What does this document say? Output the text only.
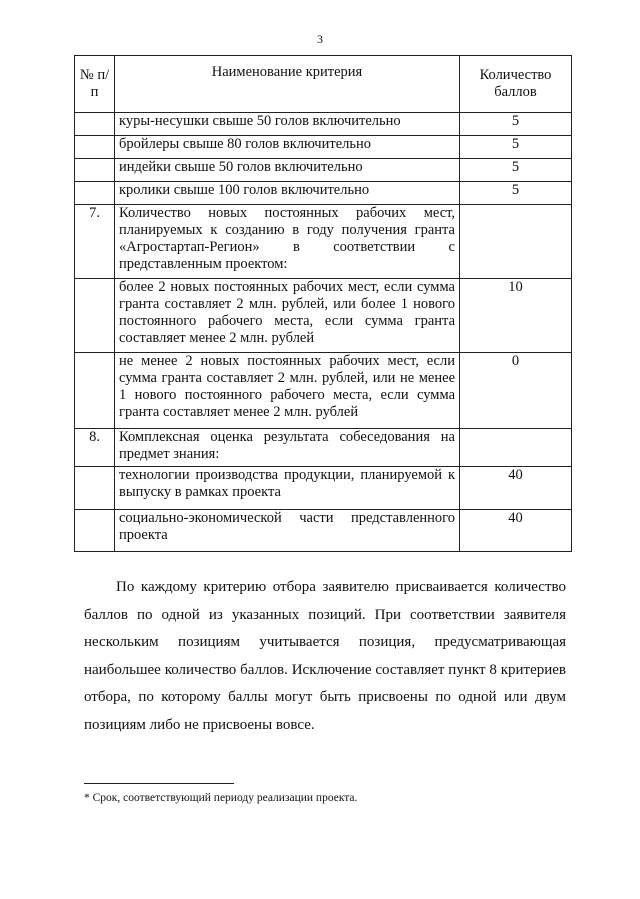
3
№ п/п	Наименование критерия	Количество баллов
	куры-несушки свыше 50 голов включительно	5
	бройлеры свыше 80 голов включительно	5
	индейки свыше 50 голов включительно	5
	кролики свыше 100 голов включительно	5
7.	Количество новых постоянных рабочих мест, планируемых к созданию в году получения гранта «Агростартап-Регион» в соответствии с представленным проектом:	
	более 2 новых постоянных рабочих мест, если сумма гранта составляет 2 млн. рублей, или более 1 нового постоянного рабочего места, если сумма гранта составляет менее 2 млн. рублей	10
	не менее 2 новых постоянных рабочих мест, если сумма гранта составляет 2 млн. рублей, или не менее 1 нового постоянного рабочего места, если сумма гранта составляет менее 2 млн. рублей	0
8.	Комплексная оценка результата собеседования на предмет знания:	
	технологии производства продукции, планируемой к выпуску в рамках проекта	40
	социально-экономической части представленного проекта	40

По каждому критерию отбора заявителю присваивается количество баллов по одной из указанных позиций. При соответствии заявителя нескольким позициям учитывается позиция, предусматривающая наибольшее количество баллов. Исключение составляет пункт 8 критериев отбора, по которому баллы могут быть присвоены по одной или двум позициям либо не присвоены вовсе.

* Срок, соответствующий периоду реализации проекта.
